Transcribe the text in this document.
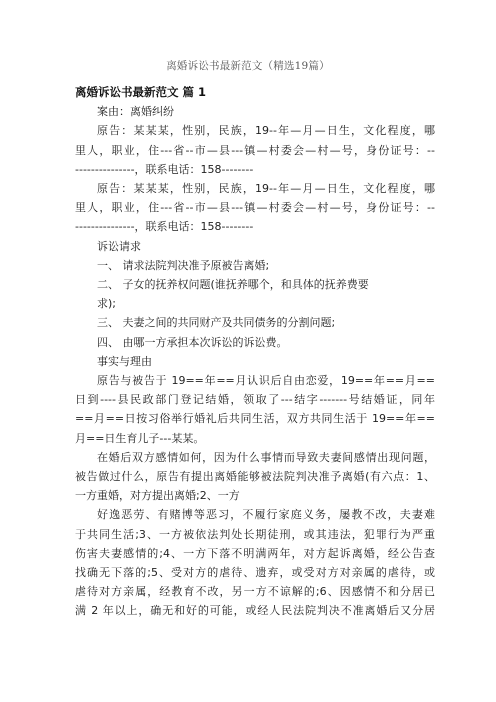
离婚诉讼书最新范文（精选19篇）

离婚诉讼书最新范文 篇 1

案由：离婚纠纷

原告：某某某，性别，民族，19--年—月—日生，文化程度，哪

里人，职业，住---省--市—县---镇—村委会—村—号，身份证号：--

---------------，联系电话：158--------

原告：某某某，性别，民族，19--年—月—日生，文化程度，哪

里人，职业，住---省--市—县---镇—村委会—村—号，身份证号：--

---------------，联系电话：158--------

诉讼请求

一、 请求法院判决准予原被告离婚;

二、 子女的抚养权问题(谁抚养哪个，和具体的抚养费要

求);

三、 夫妻之间的共同财产及共同债务的分割问题;

四、 由哪一方承担本次诉讼的诉讼费。

事实与理由

原告与被告于 19==年==月认识后自由恋爱，19==年==月==

日到----县民政部门登记结婚，领取了---结字-------号结婚证，同年

==月==日按习俗举行婚礼后共同生活，双方共同生活于 19==年==

月==日生育儿子---某某。

在婚后双方感情如何，因为什么事情而导致夫妻间感情出现问题，

被告做过什么，原告有提出离婚能够被法院判决准予离婚(有六点：1、

一方重婚，对方提出离婚;2、一方

好逸恶劳、有赌博等恶习，不履行家庭义务，屡教不改，夫妻难

于共同生活;3、一方被依法判处长期徒刑，或其违法，犯罪行为严重

伤害夫妻感情的;4、一方下落不明满两年，对方起诉离婚，经公告查

找确无下落的;5、受对方的虐待、遗弃，或受对方对亲属的虐待，或

虐待对方亲属，经教育不改，另一方不谅解的;6、因感情不和分居已

满 2 年以上，确无和好的可能，或经人民法院判决不准离婚后又分居
